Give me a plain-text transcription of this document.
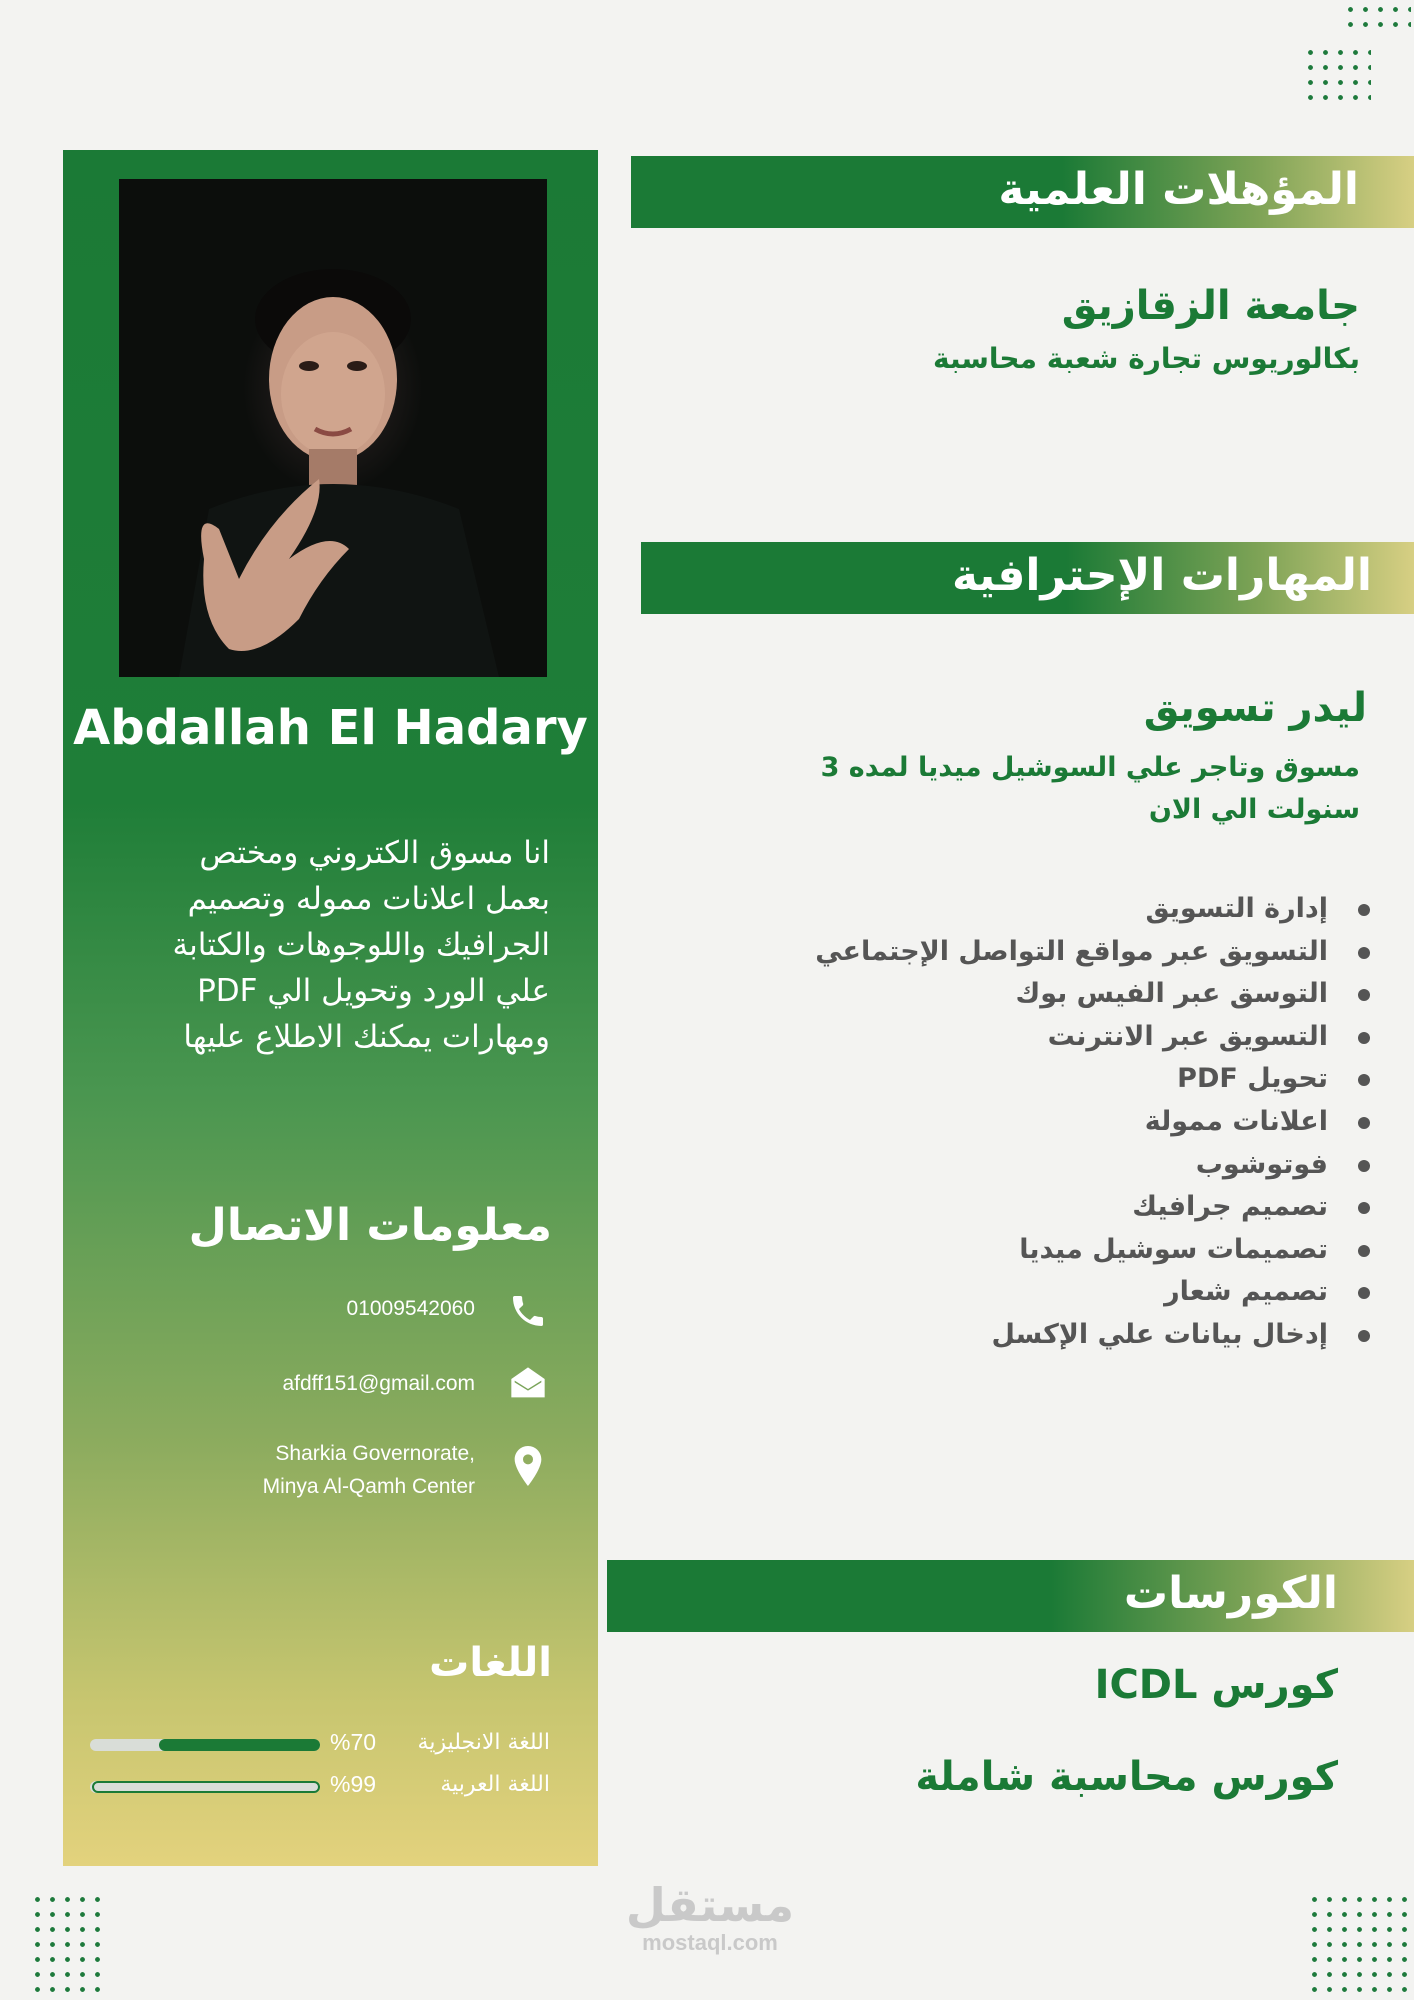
Abdallah El Hadary
انا مسوق الكتروني ومختص
بعمل اعلانات مموله وتصميم
الجرافيك واللوجوهات والكتابة
علي الورد وتحويل الي PDF
ومهارات يمكنك الاطلاع عليها
معلومات الاتصال
01009542060
afdff151@gmail.com
Sharkia Governorate,
Minya Al-Qamh Center
اللغات
اللغة الانجليزية
%70
اللغة العربية
%99
المؤهلات العلمية
جامعة الزقازيق
بكالوريوس تجارة شعبة محاسبة
المهارات الإحترافية
ليدر تسويق
مسوق وتاجر علي السوشيل ميديا لمده 3
سنولت الي الان
إدارة التسويق
التسويق عبر مواقع التواصل الإجتماعي
التوسق عبر الفيس بوك
التسويق عبر الانترنت
تحويل PDF
اعلانات ممولة
فوتوشوب
تصميم جرافيك
تصميمات سوشيل ميديا
تصميم شعار
إدخال بيانات علي الإكسل
الكورسات
كورس ICDL
كورس محاسبة شاملة
مستقل
mostaql.com
